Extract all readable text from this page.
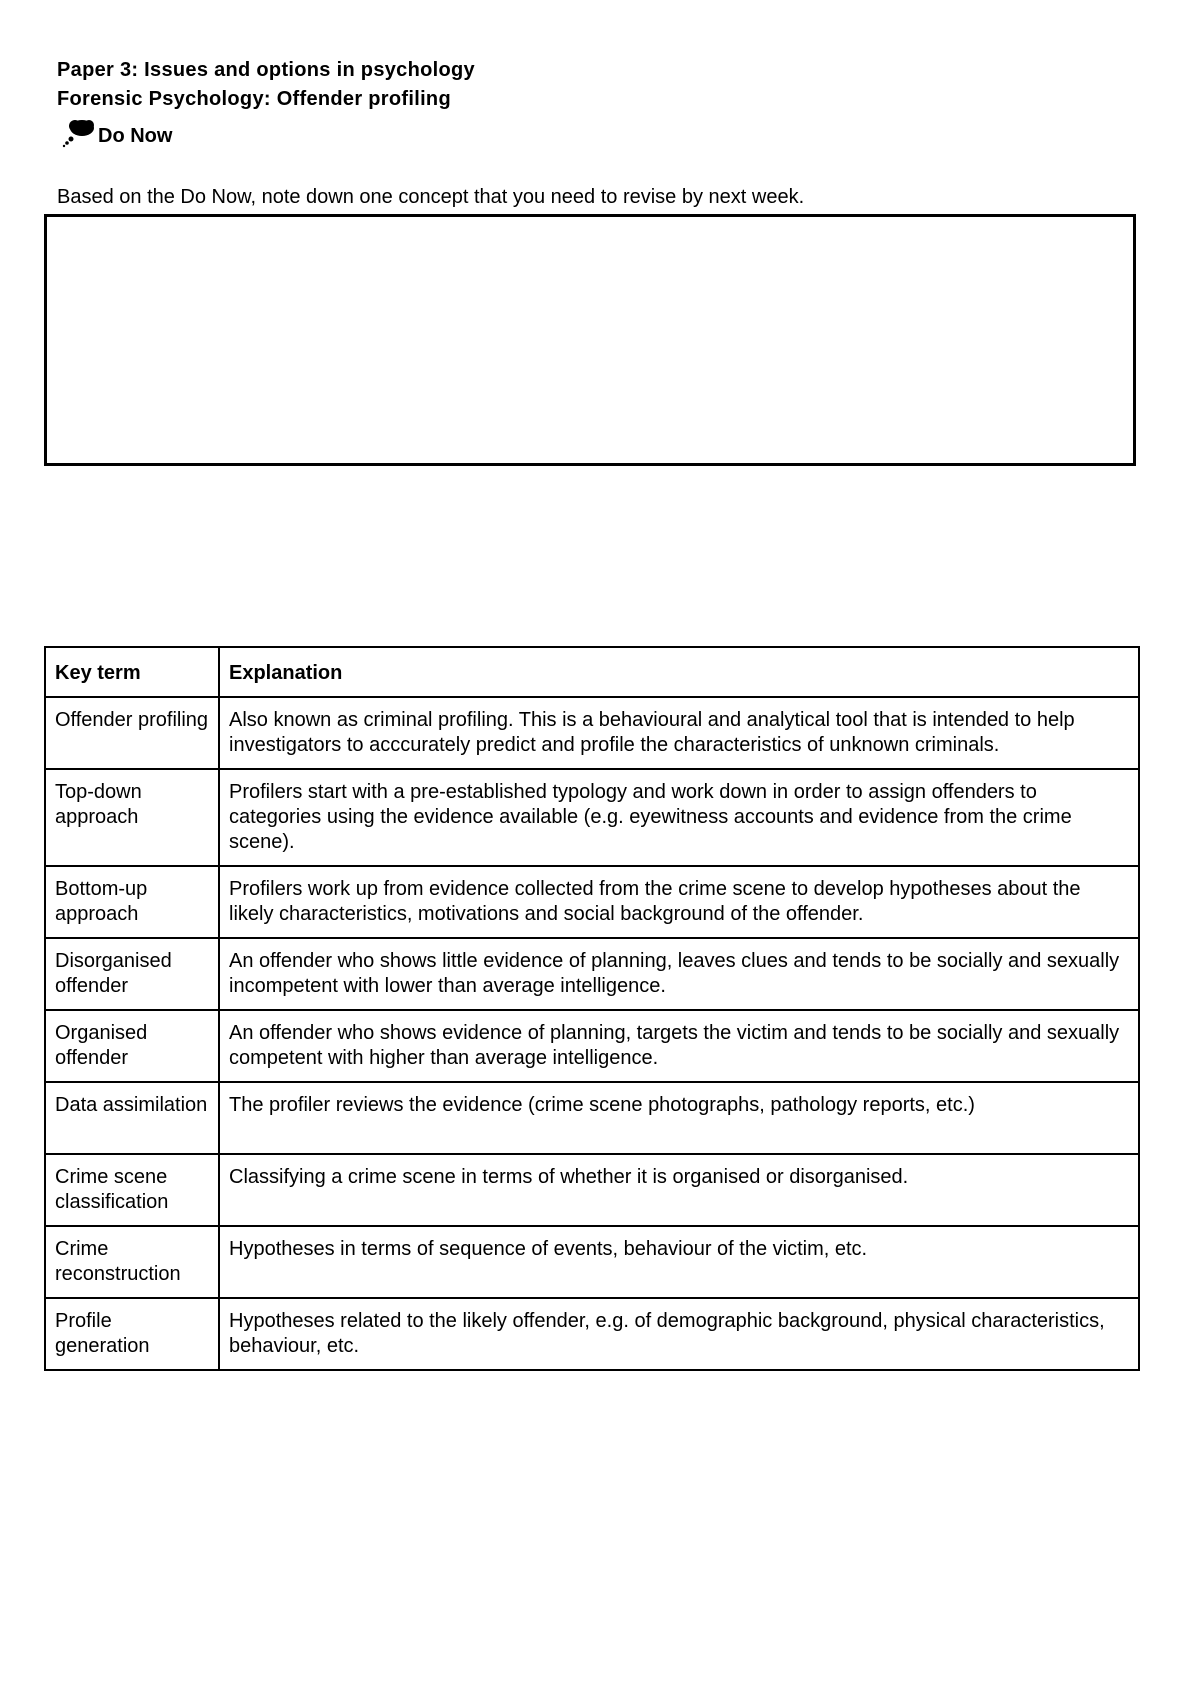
Paper 3: Issues and options in psychology
Forensic Psychology: Offender profiling
Do Now
Based on the Do Now, note down one concept that you need to revise by next week.
Key term	Explanation
Offender profiling	Also known as criminal profiling. This is a behavioural and analytical tool that is intended to help investigators to acccurately predict and profile the characteristics of unknown criminals.
Top-down approach	Profilers start with a pre-established typology and work down in order to assign offenders to categories using the evidence available (e.g. eyewitness accounts and evidence from the crime scene).
Bottom-up approach	Profilers work up from evidence collected from the crime scene to develop hypotheses about the likely characteristics, motivations and social background of the offender.
Disorganised offender	An offender who shows little evidence of planning, leaves clues and tends to be socially and sexually incompetent with lower than average intelligence.
Organised offender	An offender who shows evidence of planning, targets the victim and tends to be socially and sexually competent with higher than average intelligence.
Data assimilation	The profiler reviews the evidence (crime scene photographs, pathology reports, etc.)
Crime scene classification	Classifying a crime scene in terms of whether it is organised or disorganised.
Crime reconstruction	Hypotheses in terms of sequence of events, behaviour of the victim, etc.
Profile generation	Hypotheses related to the likely offender, e.g. of demographic background, physical characteristics, behaviour, etc.
